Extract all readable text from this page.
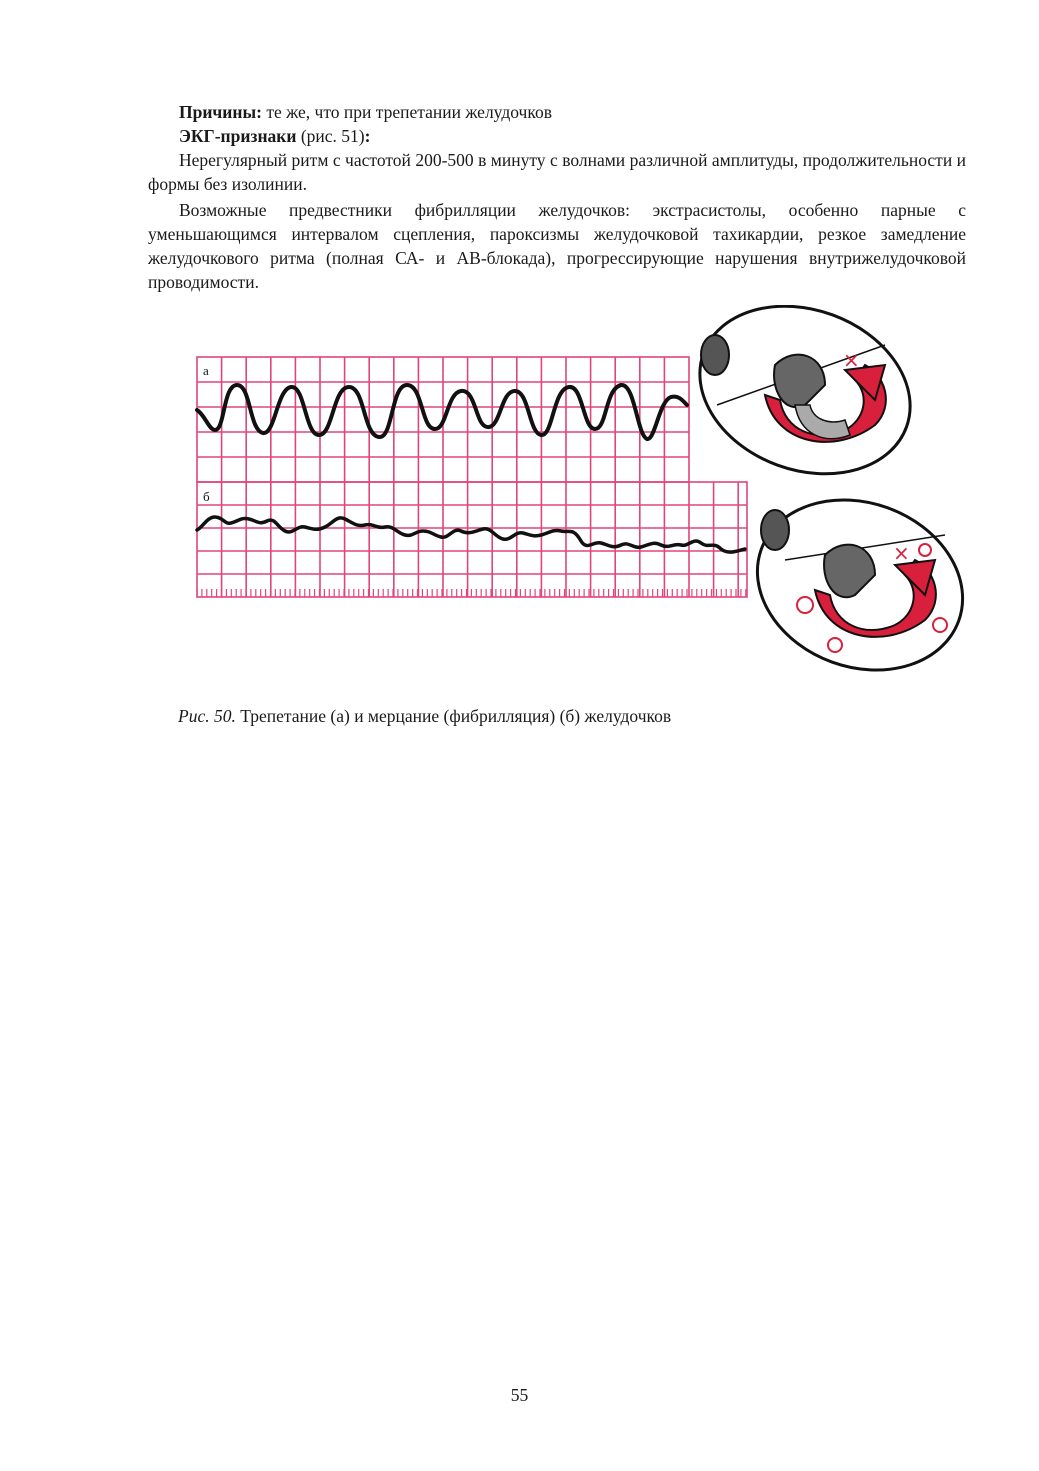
Причины: те же, что при трепетании желудочков

ЭКГ-признаки (рис. 51):

Нерегулярный ритм с частотой 200-500 в минуту с волнами различной амплитуды, продолжительности и формы без изолинии.

Возможные предвестники фибрилляции желудочков: экстрасистолы, особенно парные с уменьшающимся интервалом сцепления, пароксизмы желудочковой тахикардии, резкое замедление желудочкового ритма (полная СА- и АВ-блокада), прогрессирующие нарушения внутрижелудочковой проводимости.

а
б
×
×
Рис. 50. Трепетание (а) и мерцание (фибрилляция) (б) желудочков
55
